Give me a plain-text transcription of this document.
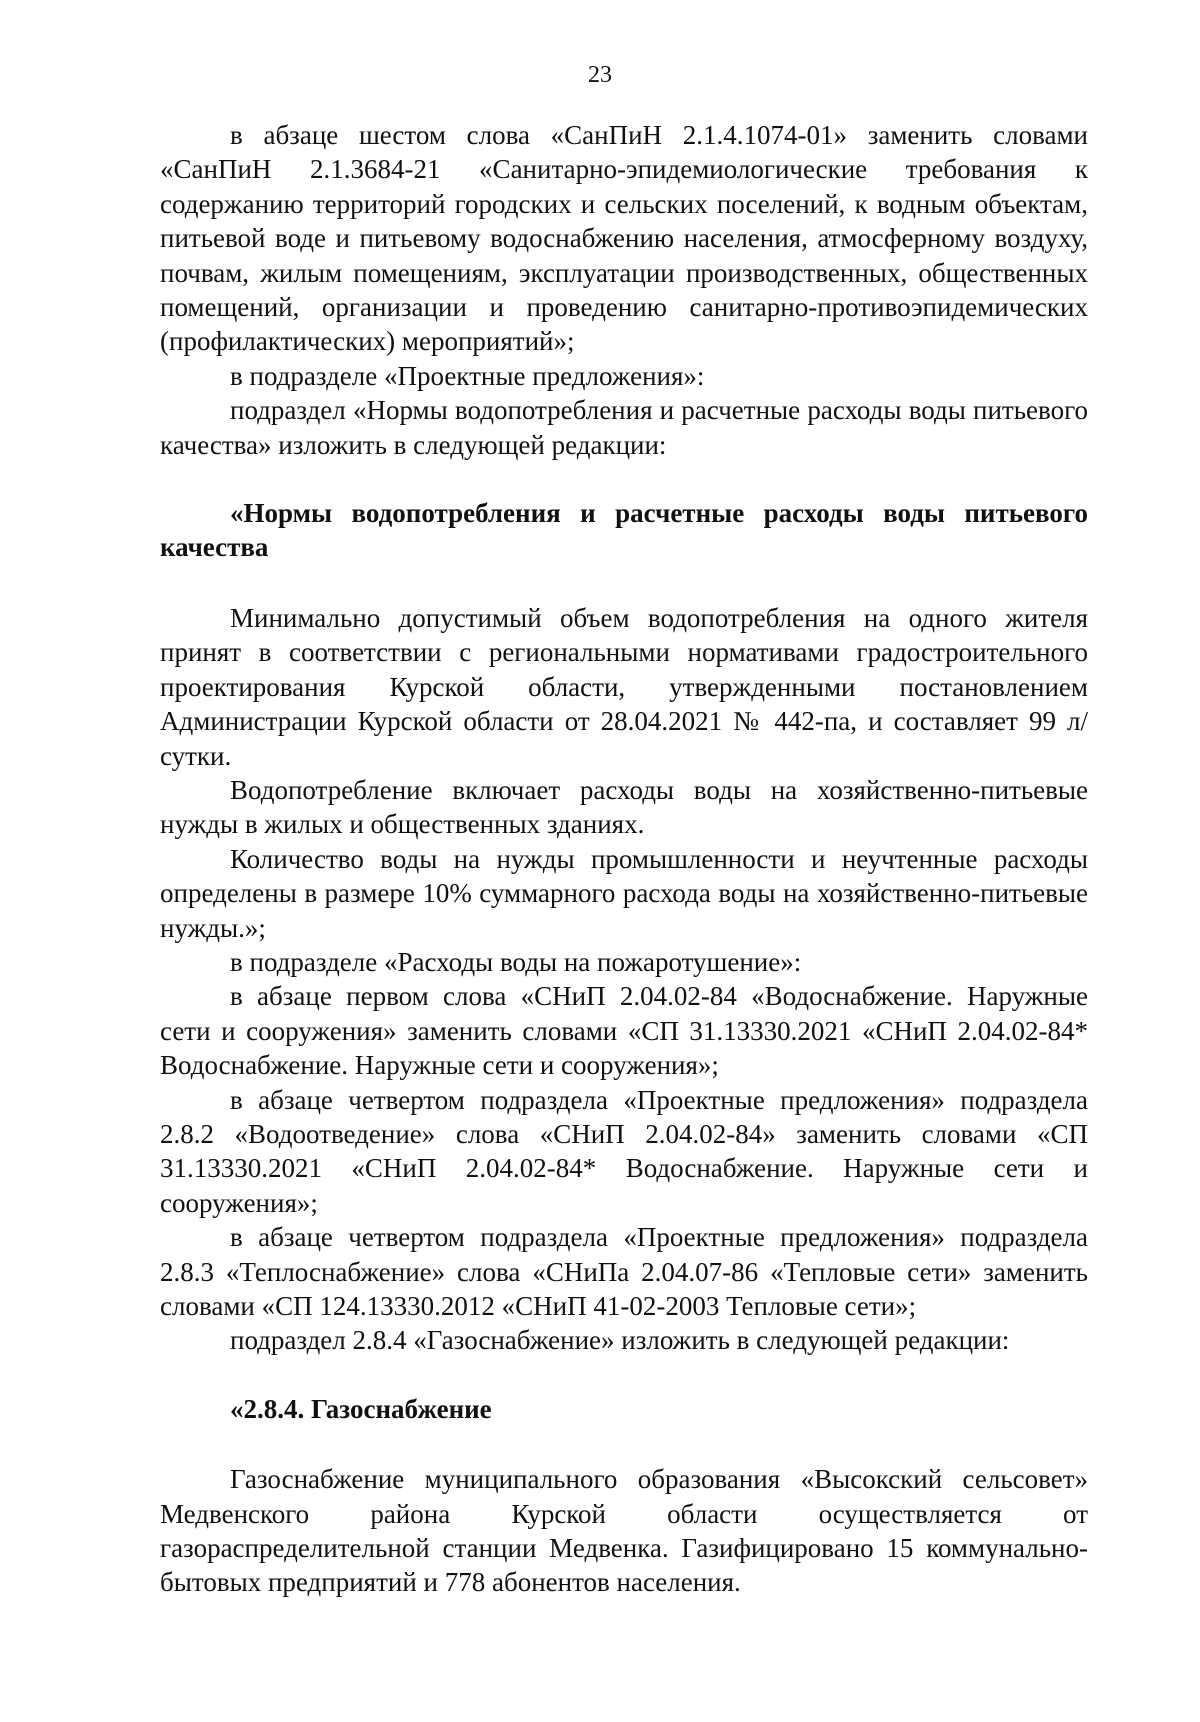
23

в абзаце шестом слова «СанПиН 2.1.4.1074-01» заменить словами «СанПиН 2.1.3684-21 «Санитарно-эпидемиологические требования к содержанию территорий городских и сельских поселений, к водным объектам, питьевой воде и питьевому водоснабжению населения, атмосферному воздуху, почвам, жилым помещениям, эксплуатации производственных, общественных помещений, организации и проведению санитарно-противоэпидемических (профилактических) мероприятий»;

в подразделе «Проектные предложения»:

подраздел «Нормы водопотребления и расчетные расходы воды питьевого качества» изложить в следующей редакции:

«Нормы водопотребления и расчетные расходы воды питьевого качества

Минимально допустимый объем водопотребления на одного жителя принят в соответствии с региональными нормативами градостроительного проектирования Курской области, утвержденными постановлением Администрации Курской области от 28.04.2021 № 442-па, и составляет 99 л/сутки.

Водопотребление включает расходы воды на хозяйственно-питьевые нужды в жилых и общественных зданиях.

Количество воды на нужды промышленности и неучтенные расходы определены в размере 10% суммарного расхода воды на хозяйственно-питьевые нужды.»;

в подразделе «Расходы воды на пожаротушение»:

в абзаце первом слова «СНиП 2.04.02-84 «Водоснабжение. Наружные сети и сооружения» заменить словами «СП 31.13330.2021 «СНиП 2.04.02-84* Водоснабжение. Наружные сети и сооружения»;

в абзаце четвертом подраздела «Проектные предложения» подраздела 2.8.2 «Водоотведение» слова «СНиП 2.04.02-84» заменить словами «СП 31.13330.2021 «СНиП 2.04.02-84* Водоснабжение. Наружные сети и сооружения»;

в абзаце четвертом подраздела «Проектные предложения» подраздела 2.8.3 «Теплоснабжение» слова «СНиПа 2.04.07-86 «Тепловые сети» заменить словами «СП 124.13330.2012 «СНиП 41-02-2003 Тепловые сети»;

подраздел 2.8.4 «Газоснабжение» изложить в следующей редакции:

«2.8.4. Газоснабжение

Газоснабжение муниципального образования «Высокский сельсовет» Медвенского района Курской области осуществляется от газораспределительной станции Медвенка. Газифицировано 15 коммунально-бытовых предприятий и 778 абонентов населения.
